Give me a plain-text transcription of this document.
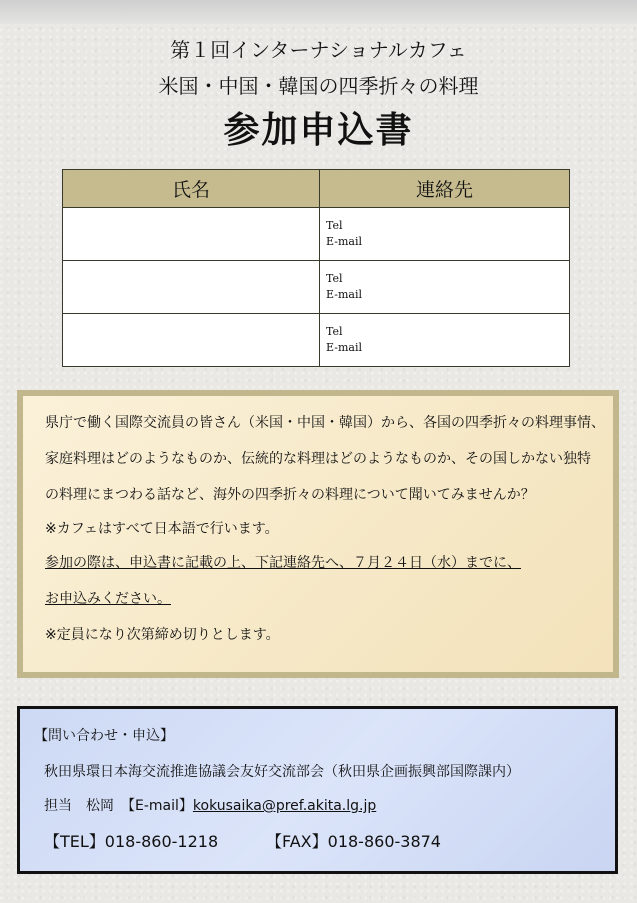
第１回インターナショナルカフェ
米国・中国・韓国の四季折々の料理
参加申込書
氏名	連絡先

	Tel
E-mail

	Tel
E-mail

	Tel
E-mail
県庁で働く国際交流員の皆さん（米国・中国・韓国）から、各国の四季折々の料理事情、
家庭料理はどのようなものか、伝統的な料理はどのようなものか、その国しかない独特
の料理にまつわる話など、海外の四季折々の料理について聞いてみませんか？
※カフェはすべて日本語で行います。
参加の際は、申込書に記載の上、下記連絡先へ、７月２４日（水）までに、
お申込みください。
※定員になり次第締め切りとします。
【問い合わせ・申込】
秋田県環日本海交流推進協議会友好交流部会（秋田県企画振興部国際課内）
担当　松岡　【E-mail】kokusaika@pref.akita.lg.jp
【TEL】018-860-1218	【FAX】018-860-3874
